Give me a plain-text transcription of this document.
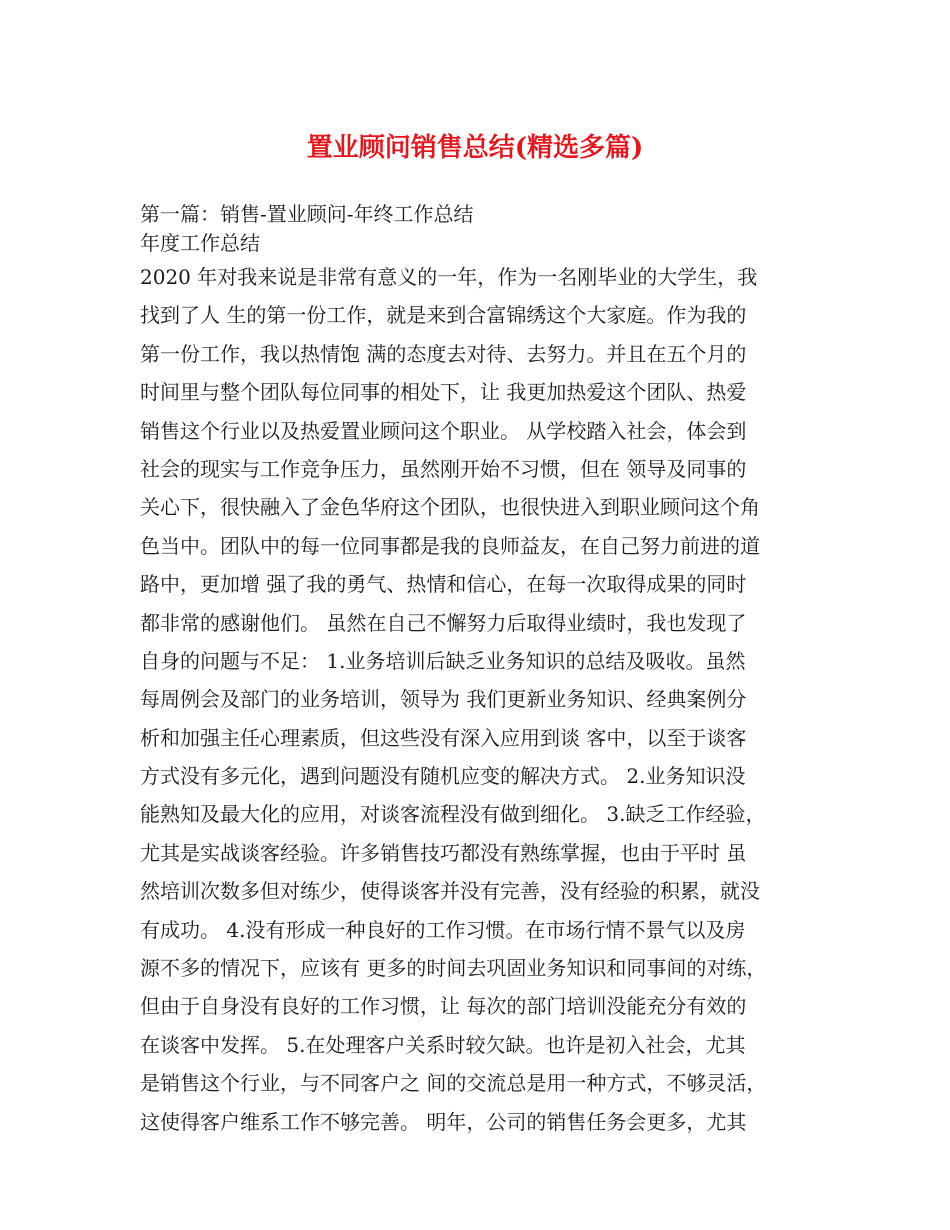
置业顾问销售总结(精选多篇)
第一篇：销售-置业顾问-年终工作总结
年度工作总结
2020 年对我来说是非常有意义的一年，作为一名刚毕业的大学生，我
找到了人 生的第一份工作，就是来到合富锦绣这个大家庭。作为我的
第一份工作，我以热情饱 满的态度去对待、去努力。并且在五个月的
时间里与整个团队每位同事的相处下，让 我更加热爱这个团队、热爱
销售这个行业以及热爱置业顾问这个职业。 从学校踏入社会，体会到
社会的现实与工作竞争压力，虽然刚开始不习惯，但在 领导及同事的
关心下，很快融入了金色华府这个团队，也很快进入到职业顾问这个角
色当中。团队中的每一位同事都是我的良师益友，在自己努力前进的道
路中，更加增 强了我的勇气、热情和信心，在每一次取得成果的同时
都非常的感谢他们。 虽然在自己不懈努力后取得业绩时，我也发现了
自身的问题与不足： 1.业务培训后缺乏业务知识的总结及吸收。虽然
每周例会及部门的业务培训，领导为 我们更新业务知识、经典案例分
析和加强主任心理素质，但这些没有深入应用到谈 客中，以至于谈客
方式没有多元化，遇到问题没有随机应变的解决方式。 2.业务知识没
能熟知及最大化的应用，对谈客流程没有做到细化。 3.缺乏工作经验，
尤其是实战谈客经验。许多销售技巧都没有熟练掌握，也由于平时 虽
然培训次数多但对练少，使得谈客并没有完善，没有经验的积累，就没
有成功。 4.没有形成一种良好的工作习惯。在市场行情不景气以及房
源不多的情况下，应该有 更多的时间去巩固业务知识和同事间的对练，
但由于自身没有良好的工作习惯，让 每次的部门培训没能充分有效的
在谈客中发挥。 5.在处理客户关系时较欠缺。也许是初入社会，尤其
是销售这个行业，与不同客户之 间的交流总是用一种方式，不够灵活，
这使得客户维系工作不够完善。 明年，公司的销售任务会更多，尤其
